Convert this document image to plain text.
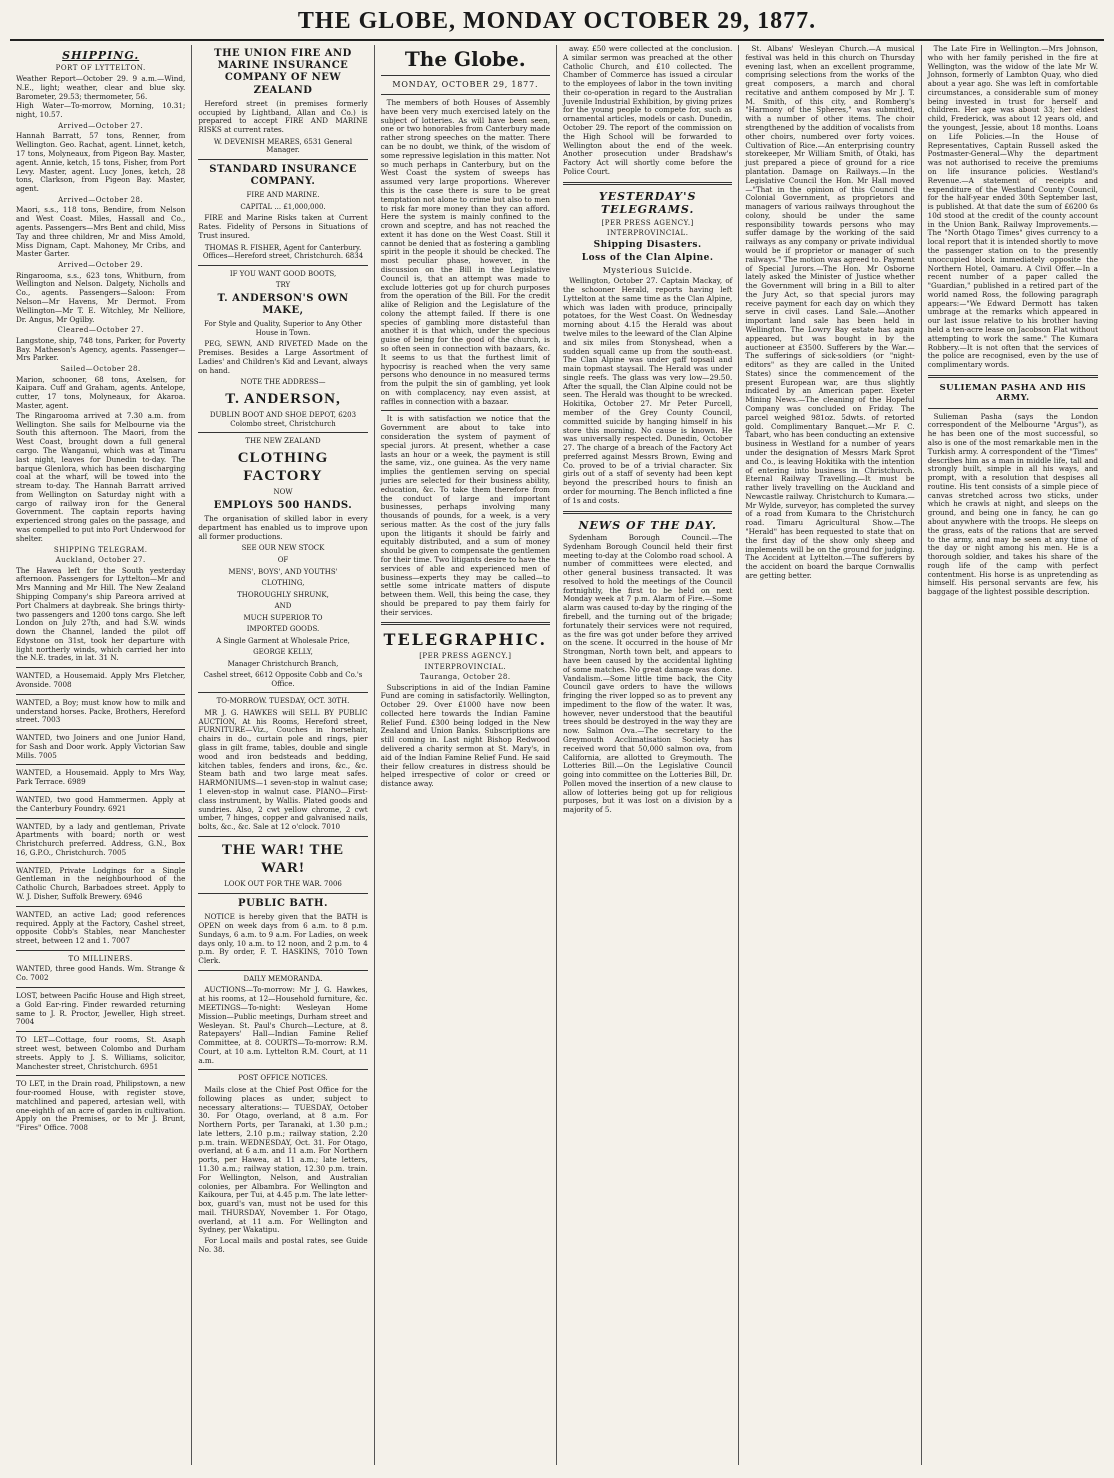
THE GLOBE, MONDAY OCTOBER 29, 1877.
SHIPPING.
PORT OF LYTTELTON.

Weather Report—October 29. 9 a.m.—Wind, N.E., light; weather, clear and blue sky. Barometer, 29.53; thermometer, 56.

High Water—To-morrow, Morning, 10.31; night, 10.57.

Arrived—October 27.

Hannah Barratt, 57 tons, Renner, from Wellington. Geo. Rachat, agent. Linnet, ketch, 17 tons, Molyneaux, from Pigeon Bay. Master, agent. Annie, ketch, 15 tons, Fisher, from Port Levy. Master, agent. Lucy Jones, ketch, 28 tons, Clarkson, from Pigeon Bay. Master, agent.

Arrived—October 28.

Maori, s.s., 118 tons, Bendire, from Nelson and West Coast. Miles, Hassall and Co., agents. Passengers—Mrs Bent and child, Miss Tay and three children, Mr and Miss Amold, Miss Dignam, Capt. Mahoney, Mr Cribs, and Master Garter.

Arrived—October 29.

Ringarooma, s.s., 623 tons, Whitburn, from Wellington and Nelson. Dalgety, Nicholls and Co., agents. Passengers—Saloon: From Nelson—Mr Havens, Mr Dermot. From Wellington—Mr T. E. Witchley, Mr Nelliore, Dr. Angus, Mr Ogilby.

Cleared—October 27.

Langstone, ship, 748 tons, Parker, for Poverty Bay. Matheson's Agency, agents. Passenger—Mrs Parker.

Sailed—October 28.

Marion, schooner, 68 tons, Axelsen, for Kaipara. Cuff and Graham, agents. Antelope, cutter, 17 tons, Molyneaux, for Akaroa. Master, agent.

The Ringarooma arrived at 7.30 a.m. from Wellington. She sails for Melbourne via the South this afternoon. The Maori, from the West Coast, brought down a full general cargo. The Wanganui, which was at Timaru last night, leaves for Dunedin to-day. The barque Glenlora, which has been discharging coal at the wharf, will be towed into the stream to-day. The Hannah Barratt arrived from Wellington on Saturday night with a cargo of railway iron for the General Government. The captain reports having experienced strong gales on the passage, and was compelled to put into Port Underwood for shelter.

SHIPPING TELEGRAM.
Auckland, October 27.

The Hawea left for the South yesterday afternoon. Passengers for Lyttelton—Mr and Mrs Manning and Mr Hill. The New Zealand Shipping Company's ship Pareora arrived at Port Chalmers at daybreak. She brings thirty-two passengers and 1200 tons cargo. She left London on July 27th, and had S.W. winds down the Channel, landed the pilot off Edystone on 31st, took her departure with light northerly winds, which carried her into the N.E. trades, in lat. 31 N.

WANTED, a Housemaid. Apply Mrs Fletcher, Avonside. 7008

WANTED, a Boy; must know how to milk and understand horses. Packe, Brothers, Hereford street. 7003

WANTED, two Joiners and one Junior Hand, for Sash and Door work. Apply Victorian Saw Mills. 7005

WANTED, a Housemaid. Apply to Mrs Way, Park Terrace. 6989

WANTED, two good Hammermen. Apply at the Canterbury Foundry. 6921

WANTED, by a lady and gentleman, Private Apartments with board; north or west Christchurch preferred. Address, G.N., Box 16, G.P.O., Christchurch. 7005

WANTED, Private Lodgings for a Single Gentleman in the neighbourhood of the Catholic Church, Barbadoes street. Apply to W. J. Disher, Suffolk Brewery. 6946

WANTED, an active Lad; good references required. Apply at the Factory, Cashel street, opposite Cobb's Stables, near Manchester street, between 12 and 1. 7007

TO MILLINERS.

WANTED, three good Hands. Wm. Strange & Co. 7002

LOST, between Pacific House and High street, a Gold Ear-ring. Finder rewarded returning same to J. R. Proctor, Jeweller, High street. 7004

TO LET—Cottage, four rooms, St. Asaph street west, between Colombo and Durham streets. Apply to J. S. Williams, solicitor, Manchester street, Christchurch. 6951

TO LET, in the Drain road, Philipstown, a new four-roomed House, with register stove, matchlined and papered, artesian well, with one-eighth of an acre of garden in cultivation. Apply on the Premises, or to Mr J. Brunt, "Fires" Office. 7008

THE UNION FIRE AND MARINE INSURANCE COMPANY OF NEW ZEALAND

Hereford street (in premises formerly occupied by Lightband, Allan and Co.) is prepared to accept FIRE AND MARINE RISKS at current rates.

W. DEVENISH MEARES, 6531 General Manager.
STANDARD INSURANCE COMPANY.
FIRE AND MARINE.
CAPITAL ... £1,000,000.

FIRE and Marine Risks taken at Current Rates. Fidelity of Persons in Situations of Trust insured.

THOMAS R. FISHER, Agent for Canterbury. Offices—Hereford street, Christchurch. 6834
IF YOU WANT GOOD BOOTS,
TRY
T. ANDERSON'S OWN MAKE,
For Style and Quality, Superior to Any Other House in Town.

PEG, SEWN, AND RIVETED Made on the Premises. Besides a Large Assortment of Ladies' and Children's Kid and Levant, always on hand.

NOTE THE ADDRESS—
T. ANDERSON,
DUBLIN BOOT AND SHOE DEPOT, 6203 Colombo street, Christchurch
THE NEW ZEALAND
CLOTHING FACTORY
NOW
EMPLOYS 500 HANDS.

The organisation of skilled labor in every department has enabled us to improve upon all former productions.

SEE OUR NEW STOCK
OF
MENS', BOYS', AND YOUTHS'
CLOTHING,
THOROUGHLY SHRUNK,
AND
MUCH SUPERIOR TO
IMPORTED GOODS.
A Single Garment at Wholesale Price,
GEORGE KELLY,
Manager Christchurch Branch,
Cashel street, 6612 Opposite Cobb and Co.'s Office.
TO-MORROW. TUESDAY, OCT. 30TH.

MR J. G. HAWKES will SELL BY PUBLIC AUCTION, At his Rooms, Hereford street, FURNITURE—Viz., Couches in horsehair, chairs in do., curtain pole and rings, pier glass in gilt frame, tables, double and single wood and iron bedsteads and bedding, kitchen tables, fenders and irons, &c., &c. Steam bath and two large meat safes. HARMONIUMS—1 seven-stop in walnut case; 1 eleven-stop in walnut case. PIANO—First-class instrument, by Wallis. Plated goods and sundries. Also, 2 cwt yellow chrome, 2 cwt umber, 7 hinges, copper and galvanised nails, bolts, &c., &c. Sale at 12 o'clock. 7010

THE WAR! THE WAR!
LOOK OUT FOR THE WAR. 7006
PUBLIC BATH.

NOTICE is hereby given that the BATH is OPEN on week days from 6 a.m. to 8 p.m. Sundays, 6 a.m. to 9 a.m. For Ladies, on week days only, 10 a.m. to 12 noon, and 2 p.m. to 4 p.m. By order, F. T. HASKINS, 7010 Town Clerk.

DAILY MEMORANDA.

AUCTIONS—To-morrow: Mr J. G. Hawkes, at his rooms, at 12—Household furniture, &c. MEETINGS—To-night: Wesleyan Home Mission—Public meetings, Durham street and Wesleyan. St. Paul's Church—Lecture, at 8. Ratepayers' Hall—Indian Famine Relief Committee, at 8. COURTS—To-morrow: R.M. Court, at 10 a.m. Lyttelton R.M. Court, at 11 a.m.

POST OFFICE NOTICES.

Mails close at the Chief Post Office for the following places as under, subject to necessary alterations:— TUESDAY, October 30. For Otago, overland, at 8 a.m. For Northern Ports, per Taranaki, at 1.30 p.m.; late letters, 2.10 p.m.; railway station, 2.20 p.m. train. WEDNESDAY, Oct. 31. For Otago, overland, at 6 a.m. and 11 a.m. For Northern ports, per Hawea, at 11 a.m.; late letters, 11.30 a.m.; railway station, 12.30 p.m. train. For Wellington, Nelson, and Australian colonies, per Albambra. For Wellington and Kaikoura, per Tui, at 4.45 p.m. The late letter-box, guard's van, must not be used for this mail. THURSDAY, November 1. For Otago, overland, at 11 a.m. For Wellington and Sydney, per Wakatipu.

For Local mails and postal rates, see Guide No. 38.

The Globe.
MONDAY, OCTOBER 29, 1877.

The members of both Houses of Assembly have been very much exercised lately on the subject of lotteries. As will have been seen, one or two honorables from Canterbury made rather strong speeches on the matter. There can be no doubt, we think, of the wisdom of some repressive legislation in this matter. Not so much perhaps in Canterbury, but on the West Coast the system of sweeps has assumed very large proportions. Wherever this is the case there is sure to be great temptation not alone to crime but also to men to risk far more money than they can afford. Here the system is mainly confined to the crown and sceptre, and has not reached the extent it has done on the West Coast. Still it cannot be denied that as fostering a gambling spirit in the people it should be checked. The most peculiar phase, however, in the discussion on the Bill in the Legislative Council is, that an attempt was made to exclude lotteries got up for church purposes from the operation of the Bill. For the credit alike of Religion and the Legislature of the colony the attempt failed. If there is one species of gambling more distasteful than another it is that which, under the specious guise of being for the good of the church, is so often seen in connection with bazaars, &c. It seems to us that the furthest limit of hypocrisy is reached when the very same persons who denounce in no measured terms from the pulpit the sin of gambling, yet look on with complacency, nay even assist, at raffles in connection with a bazaar.

It is with satisfaction we notice that the Government are about to take into consideration the system of payment of special jurors. At present, whether a case lasts an hour or a week, the payment is still the same, viz., one guinea. As the very name implies the gentlemen serving on special juries are selected for their business ability, education, &c. To take them therefore from the conduct of large and important businesses, perhaps involving many thousands of pounds, for a week, is a very serious matter. As the cost of the jury falls upon the litigants it should be fairly and equitably distributed, and a sum of money should be given to compensate the gentlemen for their time. Two litigants desire to have the services of able and experienced men of business—experts they may be called—to settle some intricate matters of dispute between them. Well, this being the case, they should be prepared to pay them fairly for their services.

TELEGRAPHIC.
[PER PRESS AGENCY.]
INTERPROVINCIAL.
Tauranga, October 28.

Subscriptions in aid of the Indian Famine Fund are coming in satisfactorily. Wellington, October 29. Over £1000 have now been collected here towards the Indian Famine Relief Fund. £300 being lodged in the New Zealand and Union Banks. Subscriptions are still coming in. Last night Bishop Redwood delivered a charity sermon at St. Mary's, in aid of the Indian Famine Relief Fund. He said their fellow creatures in distress should be helped irrespective of color or creed or distance away.

away. £50 were collected at the conclusion. A similar sermon was preached at the other Catholic Church, and £10 collected. The Chamber of Commerce has issued a circular to the employees of labor in the town inviting their co-operation in regard to the Australian Juvenile Industrial Exhibition, by giving prizes for the young people to compete for, such as ornamental articles, models or cash. Dunedin, October 29. The report of the commission on the High School will be forwarded to Wellington about the end of the week. Another prosecution under Bradshaw's Factory Act will shortly come before the Police Court.

YESTERDAY'S TELEGRAMS.
[PER PRESS AGENCY.]
INTERPROVINCIAL.
Shipping Disasters.
Loss of the Clan Alpine.
Mysterious Suicide.

Wellington, October 27. Captain Mackay, of the schooner Herald, reports having left Lyttelton at the same time as the Clan Alpine, which was laden with produce, principally potatoes, for the West Coast. On Wednesday morning about 4.15 the Herald was about twelve miles to the leeward of the Clan Alpine and six miles from Stonyshead, when a sudden squall came up from the south-east. The Clan Alpine was under gaff topsail and main topmast staysail. The Herald was under single reefs. The glass was very low—29.50. After the squall, the Clan Alpine could not be seen. The Herald was thought to be wrecked. Hokitika, October 27. Mr Peter Purcell, member of the Grey County Council, committed suicide by hanging himself in his store this morning. No cause is known. He was universally respected. Dunedin, October 27. The charge of a breach of the Factory Act preferred against Messrs Brown, Ewing and Co. proved to be of a trivial character. Six girls out of a staff of seventy had been kept beyond the prescribed hours to finish an order for mourning. The Bench inflicted a fine of 1s and costs.

NEWS OF THE DAY.

Sydenham Borough Council.—The Sydenham Borough Council held their first meeting to-day at the Colombo road school. A number of committees were elected, and other general business transacted. It was resolved to hold the meetings of the Council fortnightly, the first to be held on next Monday week at 7 p.m. Alarm of Fire.—Some alarm was caused to-day by the ringing of the firebell, and the turning out of the brigade; fortunately their services were not required, as the fire was got under before they arrived on the scene. It occurred in the house of Mr Strongman, North town belt, and appears to have been caused by the accidental lighting of some matches. No great damage was done. Vandalism.—Some little time back, the City Council gave orders to have the willows fringing the river lopped so as to prevent any impediment to the flow of the water. It was, however, never understood that the beautiful trees should be destroyed in the way they are now. Salmon Ova.—The secretary to the Greymouth Acclimatisation Society has received word that 50,000 salmon ova, from California, are allotted to Greymouth. The Lotteries Bill.—On the Legislative Council going into committee on the Lotteries Bill, Dr. Pollen moved the insertion of a new clause to allow of lotteries being got up for religious purposes, but it was lost on a division by a majority of 5.

St. Albans' Wesleyan Church.—A musical festival was held in this church on Thursday evening last, when an excellent programme, comprising selections from the works of the great composers, a march and choral recitative and anthem composed by Mr J. T. M. Smith, of this city, and Romberg's "Harmony of the Spheres," was submitted, with a number of other items. The choir strengthened by the addition of vocalists from other choirs, numbered over forty voices. Cultivation of Rice.—An enterprising country storekeeper, Mr William Smith, of Otaki, has just prepared a piece of ground for a rice plantation. Damage on Railways.—In the Legislative Council the Hon. Mr Hall moved—"That in the opinion of this Council the Colonial Government, as proprietors and managers of various railways throughout the colony, should be under the same responsibility towards persons who may suffer damage by the working of the said railways as any company or private individual would be if proprietor or manager of such railways." The motion was agreed to. Payment of Special Jurors.—The Hon. Mr Osborne lately asked the Minister of Justice whether the Government will bring in a Bill to alter the Jury Act, so that special jurors may receive payment for each day on which they serve in civil cases. Land Sale.—Another important land sale has been held in Wellington. The Lowry Bay estate has again appeared, but was bought in by the auctioneer at £3500. Sufferers by the War.—The sufferings of sick-soldiers (or "night-editors" as they are called in the United States) since the commencement of the present European war, are thus slightly indicated by an American paper. Exeter Mining News.—The cleaning of the Hopeful Company was concluded on Friday. The parcel weighed 981oz. 5dwts. of retorted gold. Complimentary Banquet.—Mr F. C. Tabart, who has been conducting an extensive business in Westland for a number of years under the designation of Messrs Mark Sprot and Co., is leaving Hokitika with the intention of entering into business in Christchurch. Eternal Railway Travelling.—It must be rather lively travelling on the Auckland and Newcastle railway. Christchurch to Kumara.—Mr Wylde, surveyor, has completed the survey of a road from Kumara to the Christchurch road. Timaru Agricultural Show.—The "Herald" has been requested to state that on the first day of the show only sheep and implements will be on the ground for judging. The Accident at Lyttelton.—The sufferers by the accident on board the barque Cornwallis are getting better.

The Late Fire in Wellington.—Mrs Johnson, who with her family perished in the fire at Wellington, was the widow of the late Mr W. Johnson, formerly of Lambton Quay, who died about a year ago. She was left in comfortable circumstances, a considerable sum of money being invested in trust for herself and children. Her age was about 33; her eldest child, Frederick, was about 12 years old, and the youngest, Jessie, about 18 months. Loans on Life Policies.—In the House of Representatives, Captain Russell asked the Postmaster-General—Why the department was not authorised to receive the premiums on life insurance policies. Westland's Revenue.—A statement of receipts and expenditure of the Westland County Council, for the half-year ended 30th September last, is published. At that date the sum of £6200 6s 10d stood at the credit of the county account in the Union Bank. Railway Improvements.—The "North Otago Times" gives currency to a local report that it is intended shortly to move the passenger station on to the presently unoccupied block immediately opposite the Northern Hotel, Oamaru. A Civil Offer.—In a recent number of a paper called the "Guardian," published in a retired part of the world named Ross, the following paragraph appears:—"We Edward Dermott has taken umbrage at the remarks which appeared in our last issue relative to his brother having held a ten-acre lease on Jacobson Flat without attempting to work the same." The Kumara Robbery.—It is not often that the services of the police are recognised, even by the use of complimentary words.

SULIEMAN PASHA AND HIS ARMY.

Sulieman Pasha (says the London correspondent of the Melbourne "Argus"), as he has been one of the most successful, so also is one of the most remarkable men in the Turkish army. A correspondent of the "Times" describes him as a man in middle life, tall and strongly built, simple in all his ways, and prompt, with a resolution that despises all routine. His tent consists of a simple piece of canvas stretched across two sticks, under which he crawls at night, and sleeps on the ground, and being one in fancy, he can go about anywhere with the troops. He sleeps on the grass, eats of the rations that are served to the army, and may be seen at any time of the day or night among his men. He is a thorough soldier, and takes his share of the rough life of the camp with perfect contentment. His horse is as unpretending as himself. His personal servants are few, his baggage of the lightest possible description.
